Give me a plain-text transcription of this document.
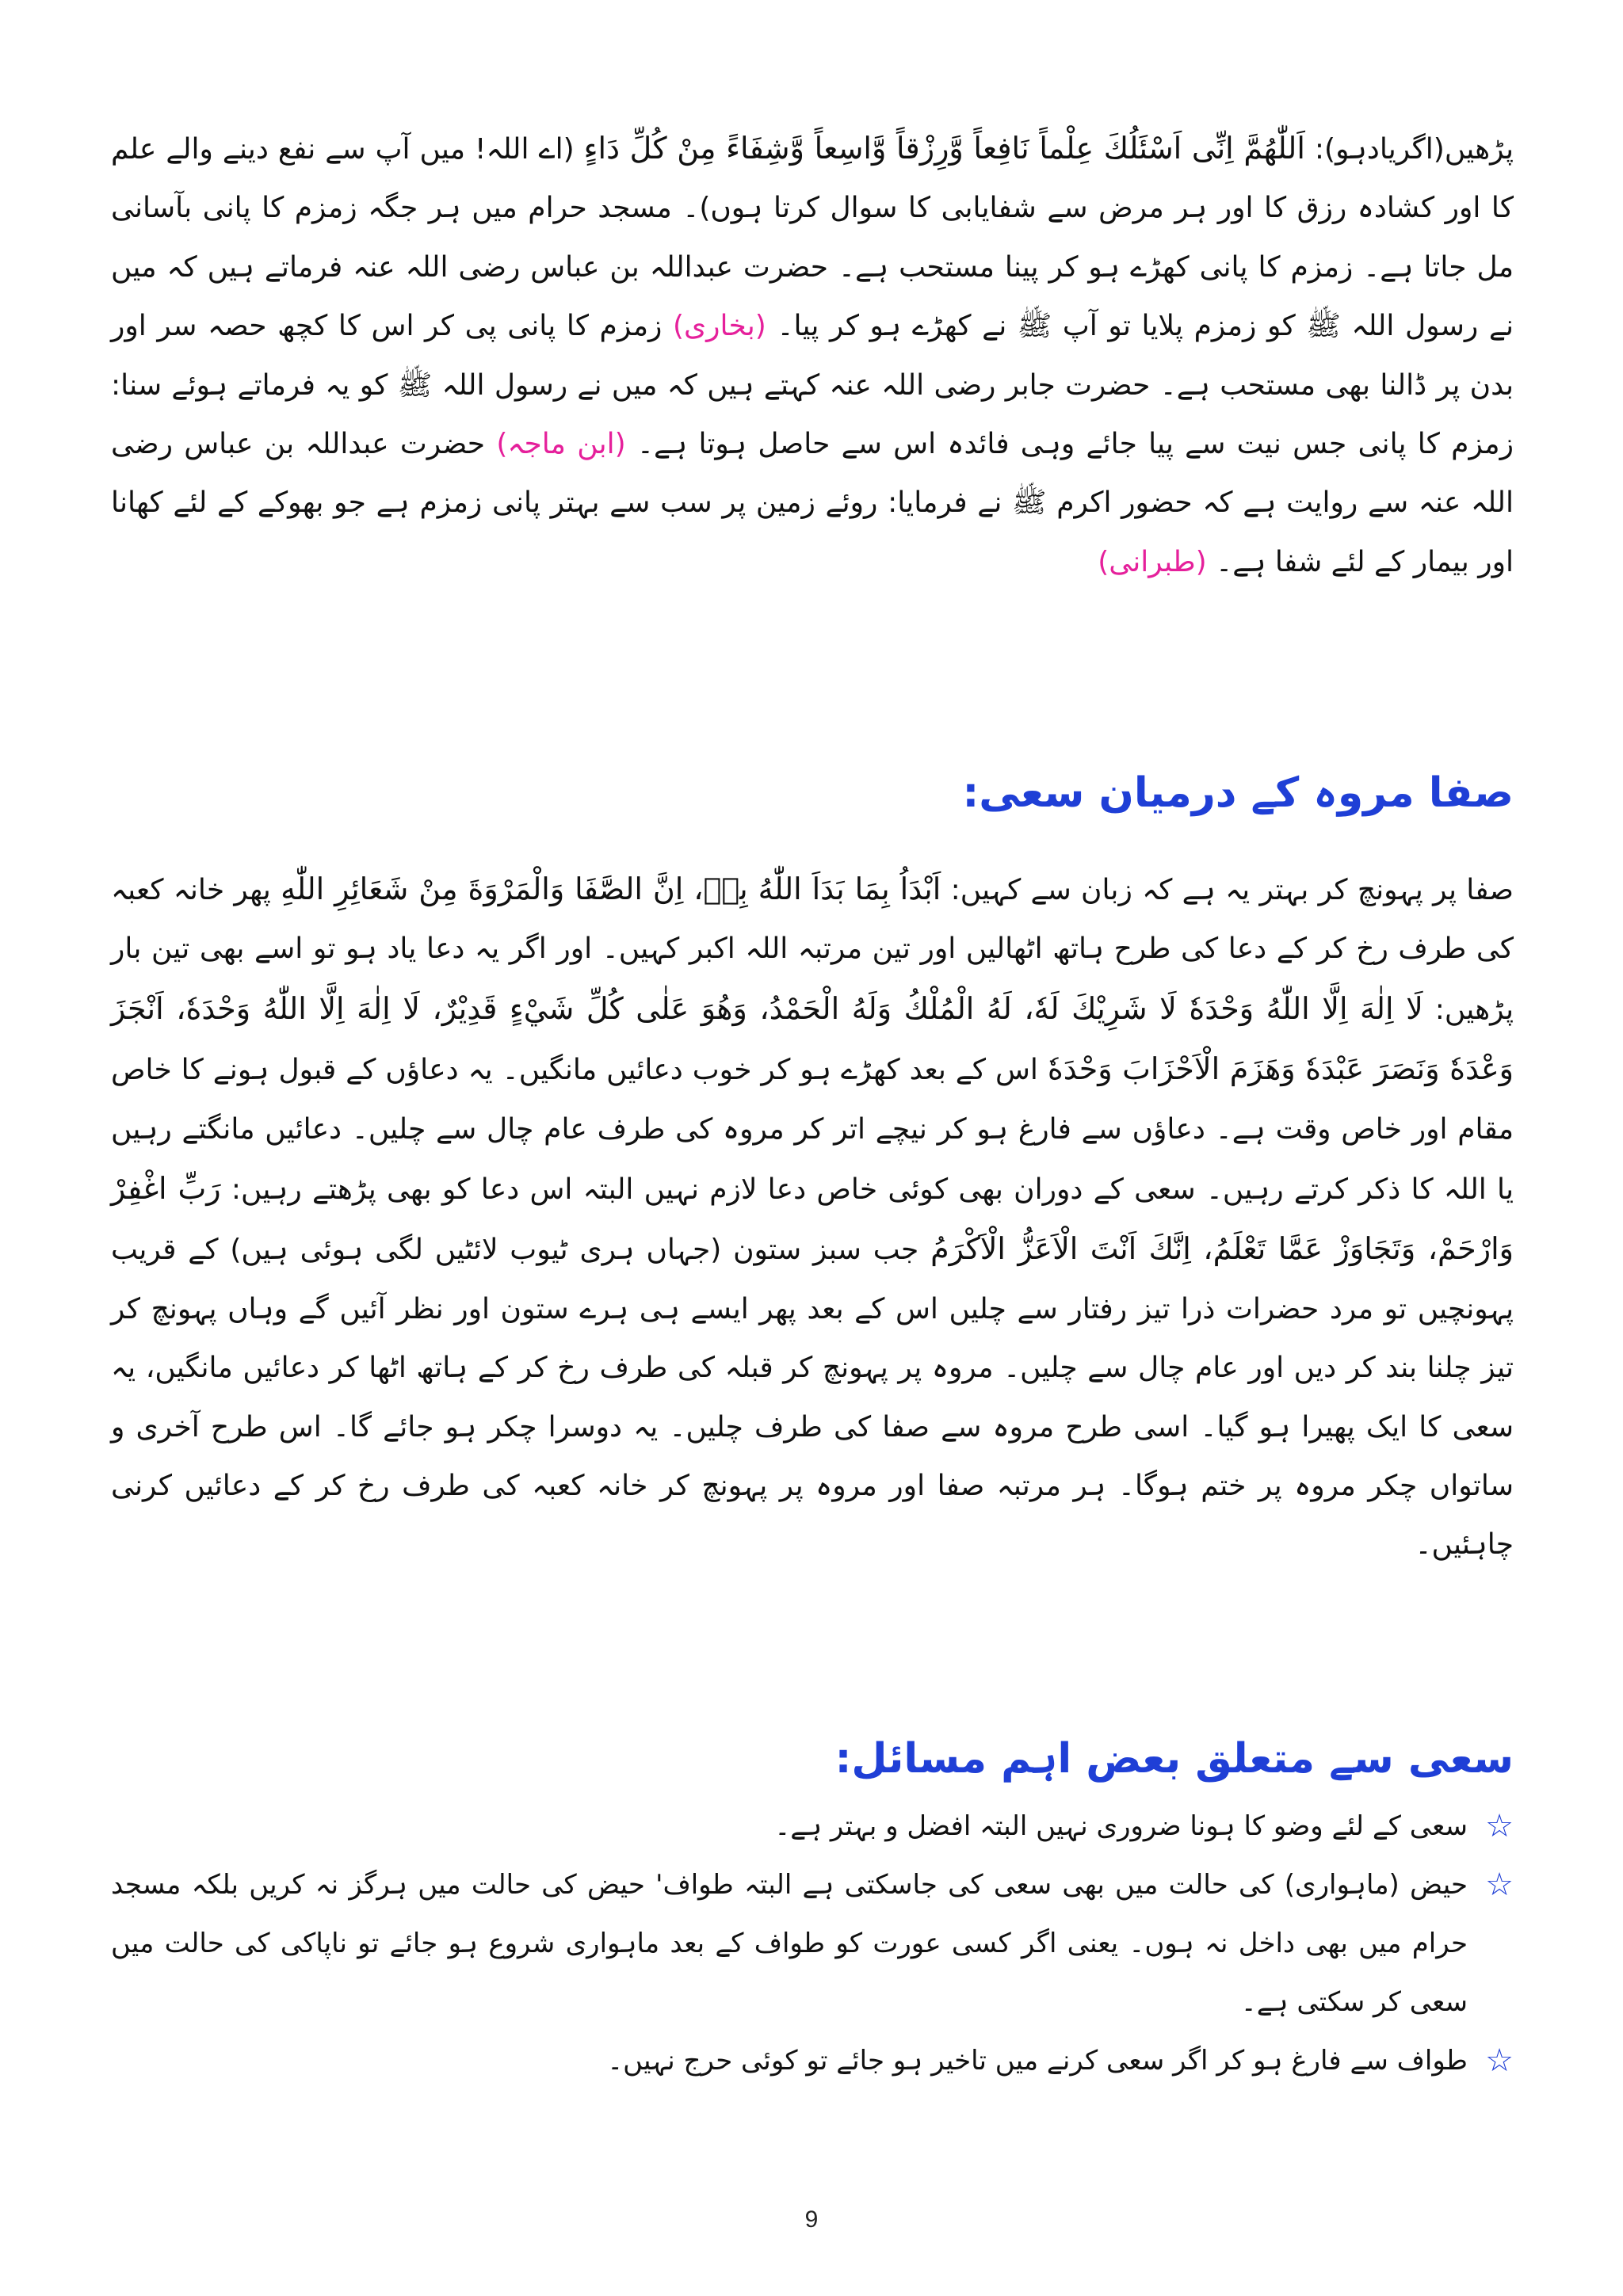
پڑھیں(اگریادہو): اَللّٰهُمَّ اِنِّی اَسْئَلُكَ عِلْماً نَافِعاً وَّرِزْقاً وَّاسِعاً وَّشِفَاءً مِنْ كُلِّ دَاءٍ (اے اللہ! میں آپ سے نفع دینے والے علم کا اور کشادہ رزق کا اور ہر مرض سے شفایابی کا سوال کرتا ہوں)۔ مسجد حرام میں ہر جگہ زمزم کا پانی بآسانی مل جاتا ہے۔ زمزم کا پانی کھڑے ہو کر پینا مستحب ہے۔ حضرت عبداللہ بن عباس رضی اللہ عنہ فرماتے ہیں کہ میں نے رسول اللہ ﷺ کو زمزم پلایا تو آپ ﷺ نے کھڑے ہو کر پیا۔ (بخاری) زمزم کا پانی پی کر اس کا کچھ حصہ سر اور بدن پر ڈالنا بھی مستحب ہے۔ حضرت جابر رضی اللہ عنہ کہتے ہیں کہ میں نے رسول اللہ ﷺ کو یہ فرماتے ہوئے سنا: زمزم کا پانی جس نیت سے پیا جائے وہی فائدہ اس سے حاصل ہوتا ہے۔ (ابن ماجہ) حضرت عبداللہ بن عباس رضی اللہ عنہ سے روایت ہے کہ حضور اکرم ﷺ نے فرمایا: روئے زمین پر سب سے بہتر پانی زمزم ہے جو بھوکے کے لئے کھانا اور بیمار کے لئے شفا ہے۔ (طبرانی)
صفا مروہ کے درمیان سعی:
صفا پر پہونچ کر بہتر یہ ہے کہ زبان سے کہیں: اَبْدَاُ بِمَا بَدَاَ اللّٰهُ بِهٖ، اِنَّ الصَّفَا وَالْمَرْوَةَ مِنْ شَعَائِرِ اللّٰهِ پھر خانہ کعبہ کی طرف رخ کر کے دعا کی طرح ہاتھ اٹھالیں اور تین مرتبہ اللہ اکبر کہیں۔ اور اگر یہ دعا یاد ہو تو اسے بھی تین بار پڑھیں: لَا اِلٰهَ اِلَّا اللّٰهُ وَحْدَهٗ لَا شَرِيْكَ لَهٗ، لَهُ الْمُلْكُ وَلَهُ الْحَمْدُ، وَهُوَ عَلٰى كُلِّ شَيْءٍ قَدِيْرٌ، لَا اِلٰهَ اِلَّا اللّٰهُ وَحْدَهٗ، اَنْجَزَ وَعْدَهٗ وَنَصَرَ عَبْدَهٗ وَهَزَمَ الْاَحْزَابَ وَحْدَهٗ اس کے بعد کھڑے ہو کر خوب دعائیں مانگیں۔ یہ دعاؤں کے قبول ہونے کا خاص مقام اور خاص وقت ہے۔ دعاؤں سے فارغ ہو کر نیچے اتر کر مروہ کی طرف عام چال سے چلیں۔ دعائیں مانگتے رہیں یا اللہ کا ذکر کرتے رہیں۔ سعی کے دوران بھی کوئی خاص دعا لازم نہیں البتہ اس دعا کو بھی پڑھتے رہیں: رَبِّ اغْفِرْ وَارْحَمْ، وَتَجَاوَزْ عَمَّا تَعْلَمُ، اِنَّكَ اَنْتَ الْاَعَزُّ الْاَكْرَمُ جب سبز ستون (جہاں ہری ٹیوب لائٹیں لگی ہوئی ہیں) کے قریب پہونچیں تو مرد حضرات ذرا تیز رفتار سے چلیں اس کے بعد پھر ایسے ہی ہرے ستون اور نظر آئیں گے وہاں پہونچ کر تیز چلنا بند کر دیں اور عام چال سے چلیں۔ مروہ پر پہونچ کر قبلہ کی طرف رخ کر کے ہاتھ اٹھا کر دعائیں مانگیں، یہ سعی کا ایک پھیرا ہو گیا۔ اسی طرح مروہ سے صفا کی طرف چلیں۔ یہ دوسرا چکر ہو جائے گا۔ اس طرح آخری و ساتواں چکر مروہ پر ختم ہوگا۔ ہر مرتبہ صفا اور مروہ پر پہونچ کر خانہ کعبہ کی طرف رخ کر کے دعائیں کرنی چاہئیں۔
سعی سے متعلق بعض اہم مسائل:
☆
سعی کے لئے وضو کا ہونا ضروری نہیں البتہ افضل و بہتر ہے۔
☆
حیض (ماہواری) کی حالت میں بھی سعی کی جاسکتی ہے البتہ طواف' حیض کی حالت میں ہرگز نہ کریں بلکہ مسجد حرام میں بھی داخل نہ ہوں۔ یعنی اگر کسی عورت کو طواف کے بعد ماہواری شروع ہو جائے تو ناپاکی کی حالت میں سعی کر سکتی ہے۔
☆
طواف سے فارغ ہو کر اگر سعی کرنے میں تاخیر ہو جائے تو کوئی حرج نہیں۔
9
